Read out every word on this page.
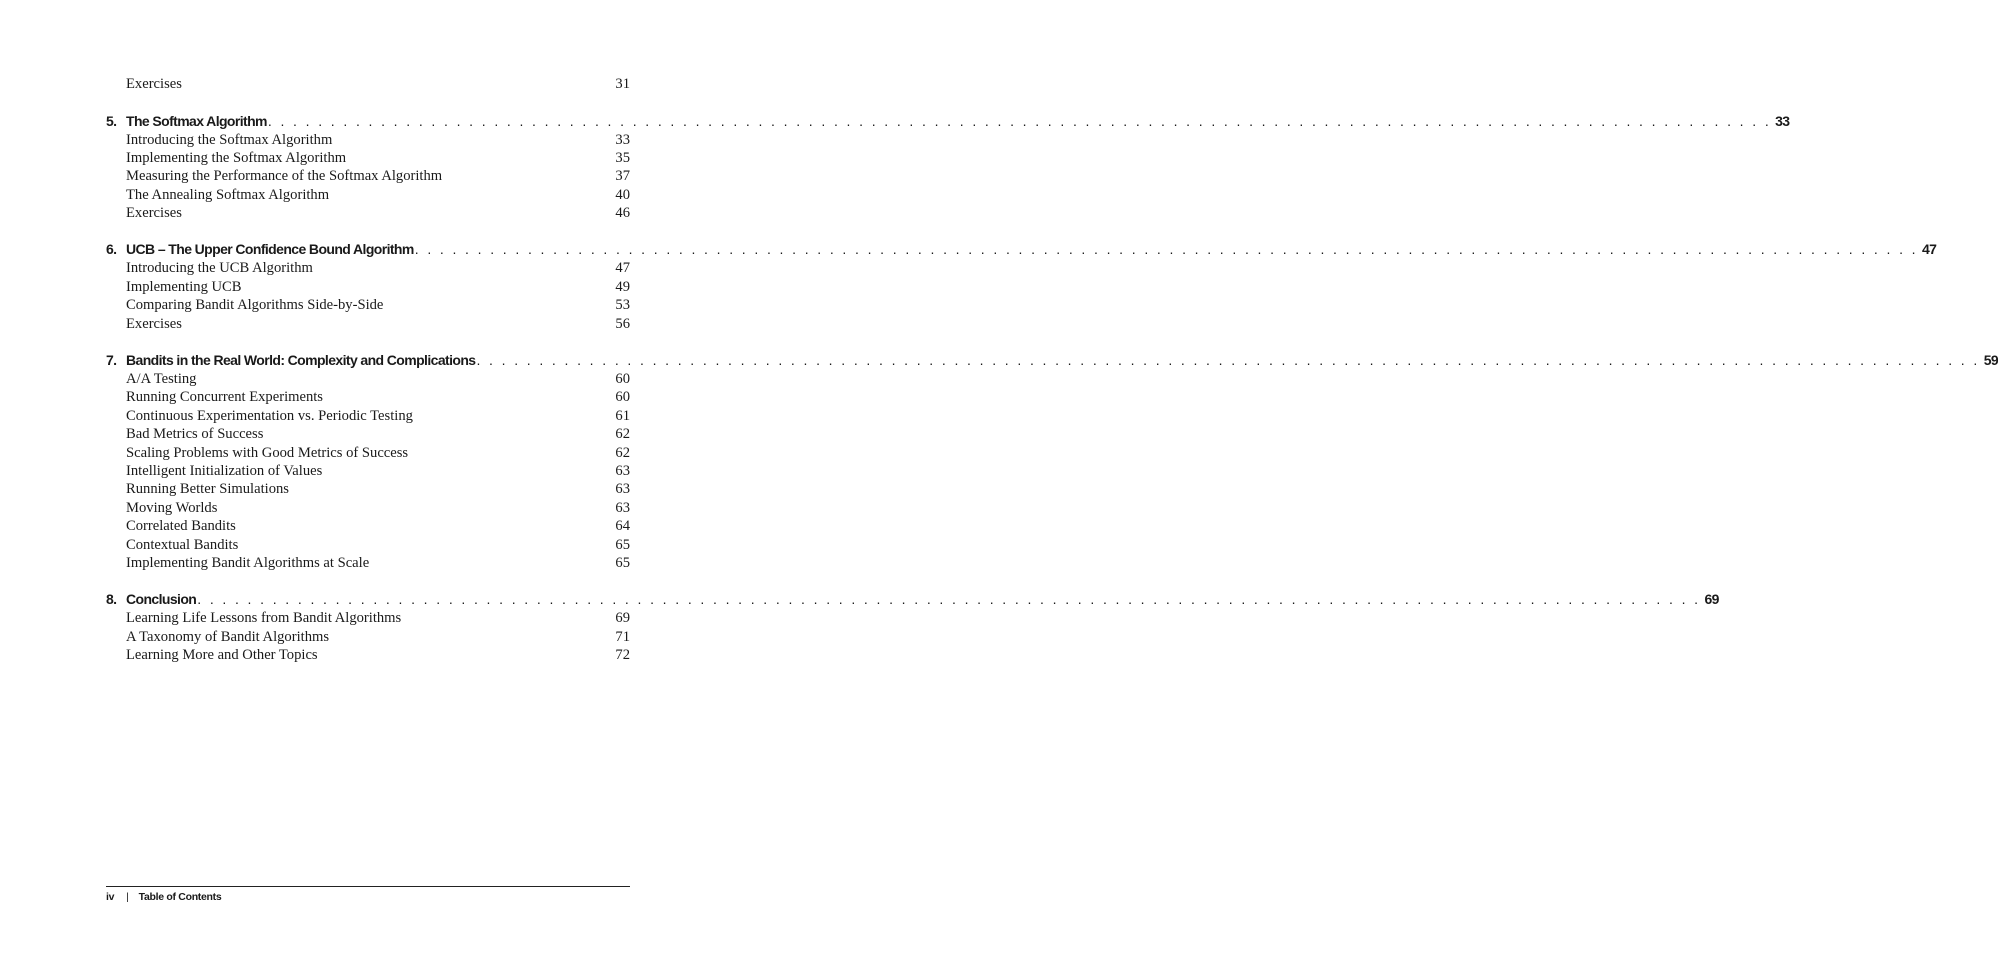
Exercises	31
5. The Softmax Algorithm . . . . . . . . . . . . . . . . . . . . . . . . . . . . . . . . . . . . . . . . . . . . . . . . . . . . . . . . . . . . . . . . . . . . . . . . . . . . . . . . . . . . . . . . . . . . . . . . . . . . . . . . . . . . . . . . . . . . . . . . 33
Introducing the Softmax Algorithm	33
Implementing the Softmax Algorithm	35
Measuring the Performance of the Softmax Algorithm	37
The Annealing Softmax Algorithm	40
Exercises	46
6. UCB – The Upper Confidence Bound Algorithm . . . . . . . . . . . . . . . . . . . . . . . . . . . . . . . . . . . . . . . . . . . . . . . . . . . . . . . . . . . . . . . . . . . . . . . . . . . . . . . . . . . . . . . . . . . . . . . . . . . . . . . . . . . . . . . . . . . . . . . . 47
Introducing the UCB Algorithm	47
Implementing UCB	49
Comparing Bandit Algorithms Side-by-Side	53
Exercises	56
7. Bandits in the Real World: Complexity and Complications . . . . . . . . . . . . . . . . . . . . . . . . . . . . . . . . . . . . . . . . . . . . . . . . . . . . . . . . . . . . . . . . . . . . . . . . . . . . . . . . . . . . . . . . . . . . . . . . . . . . . . . . . . . . . . . . . . . . . . . . 59
A/A Testing	60
Running Concurrent Experiments	60
Continuous Experimentation vs. Periodic Testing	61
Bad Metrics of Success	62
Scaling Problems with Good Metrics of Success	62
Intelligent Initialization of Values	63
Running Better Simulations	63
Moving Worlds	63
Correlated Bandits	64
Contextual Bandits	65
Implementing Bandit Algorithms at Scale	65
8. Conclusion . . . . . . . . . . . . . . . . . . . . . . . . . . . . . . . . . . . . . . . . . . . . . . . . . . . . . . . . . . . . . . . . . . . . . . . . . . . . . . . . . . . . . . . . . . . . . . . . . . . . . . . . . . . . . . . . . . . . . . . . 69
Learning Life Lessons from Bandit Algorithms	69
A Taxonomy of Bandit Algorithms	71
Learning More and Other Topics	72
iv | Table of Contents
